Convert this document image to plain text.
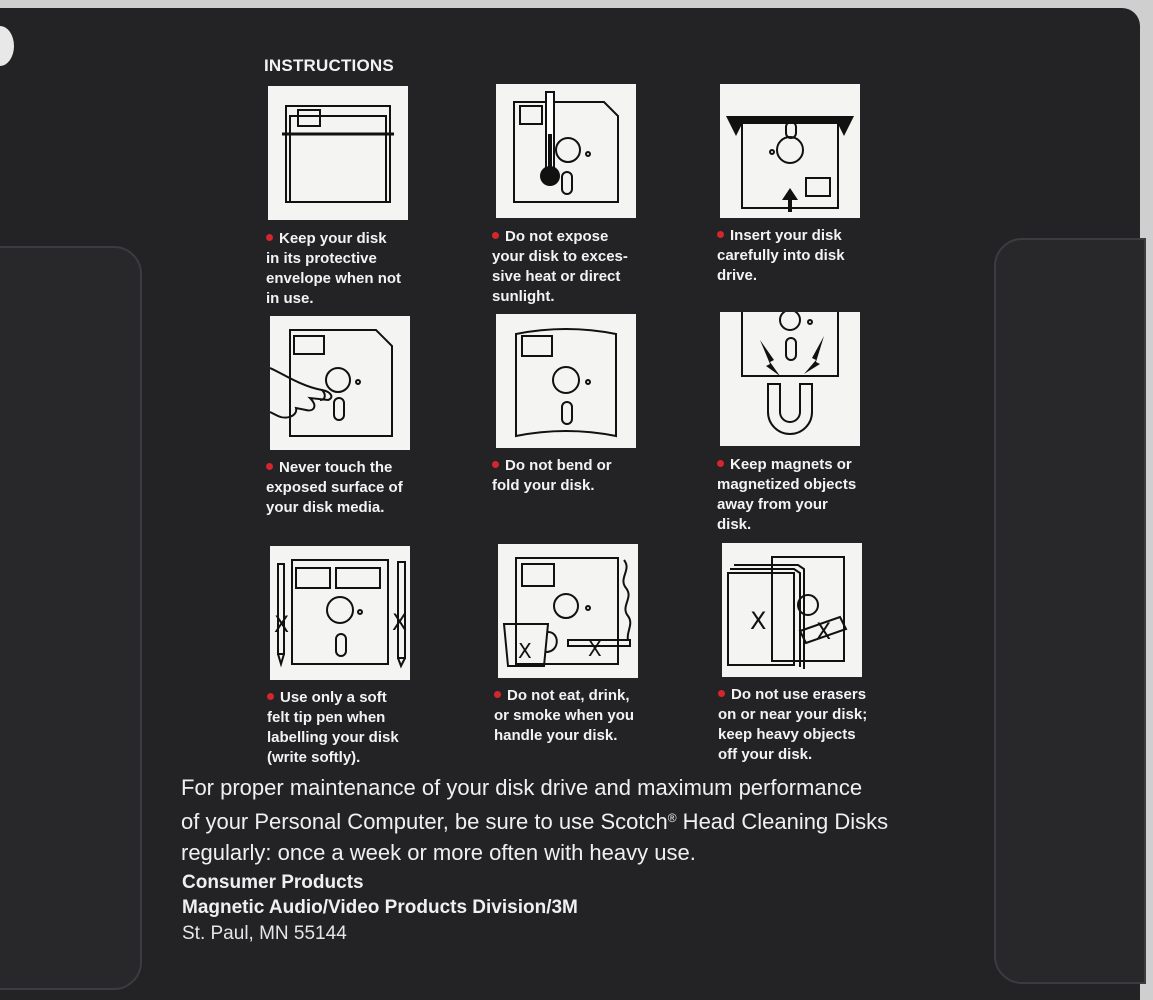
INSTRUCTIONS
Keep your disk
in its protective
envelope when not
in use.
Do not expose
your disk to exces-
sive heat or direct
sunlight.
Insert your disk
carefully into disk
drive.
Never touch the
exposed surface of
your disk media.
Do not bend or
fold your disk.
Keep magnets or
magnetized objects
away from your
disk.
X	X
X	X
X X
Use only a soft
felt tip pen when
labelling your disk
(write softly).
Do not eat, drink,
or smoke when you
handle your disk.
Do not use erasers
on or near your disk;
keep heavy objects
off your disk.
For proper maintenance of your disk drive and maximum performance
of your Personal Computer, be sure to use Scotch® Head Cleaning Disks
regularly: once a week or more often with heavy use.
Consumer Products
Magnetic Audio/Video Products Division/3M
St. Paul, MN 55144
